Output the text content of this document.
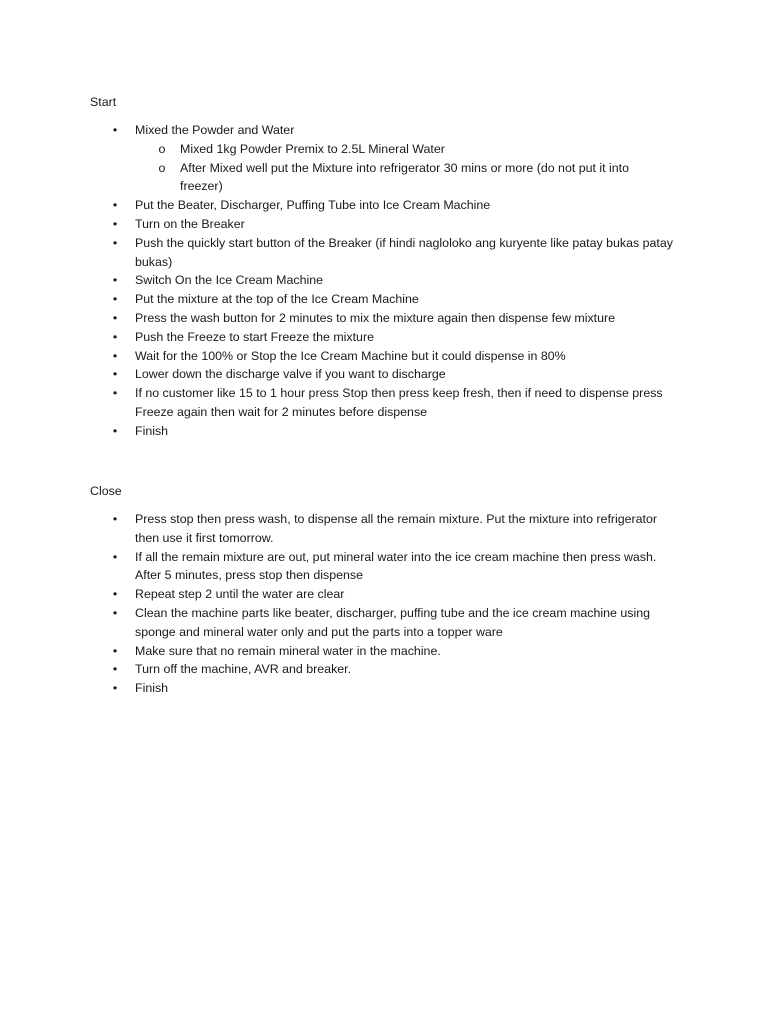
Start

• Mixed the Powder and Water
o Mixed 1kg Powder Premix to 2.5L Mineral Water
o After Mixed well put the Mixture into refrigerator 30 mins or more (do not put it into freezer)
• Put the Beater, Discharger, Puffing Tube into Ice Cream Machine
• Turn on the Breaker
• Push the quickly start button of the Breaker (if hindi nagloloko ang kuryente like patay bukas patay bukas)
• Switch On the Ice Cream Machine
• Put the mixture at the top of the Ice Cream Machine
• Press the wash button for 2 minutes to mix the mixture again then dispense few mixture
• Push the Freeze to start Freeze the mixture
• Wait for the 100% or Stop the Ice Cream Machine but it could dispense in 80%
• Lower down the discharge valve if you want to discharge
• If no customer like 15 to 1 hour press Stop then press keep fresh, then if need to dispense press Freeze again then wait for 2 minutes before dispense
• Finish

Close

• Press stop then press wash, to dispense all the remain mixture. Put the mixture into refrigerator then use it first tomorrow.
• If all the remain mixture are out, put mineral water into the ice cream machine then press wash. After 5 minutes, press stop then dispense
• Repeat step 2 until the water are clear
• Clean the machine parts like beater, discharger, puffing tube and the ice cream machine using sponge and mineral water only and put the parts into a topper ware
• Make sure that no remain mineral water in the machine.
• Turn off the machine, AVR and breaker.
• Finish
